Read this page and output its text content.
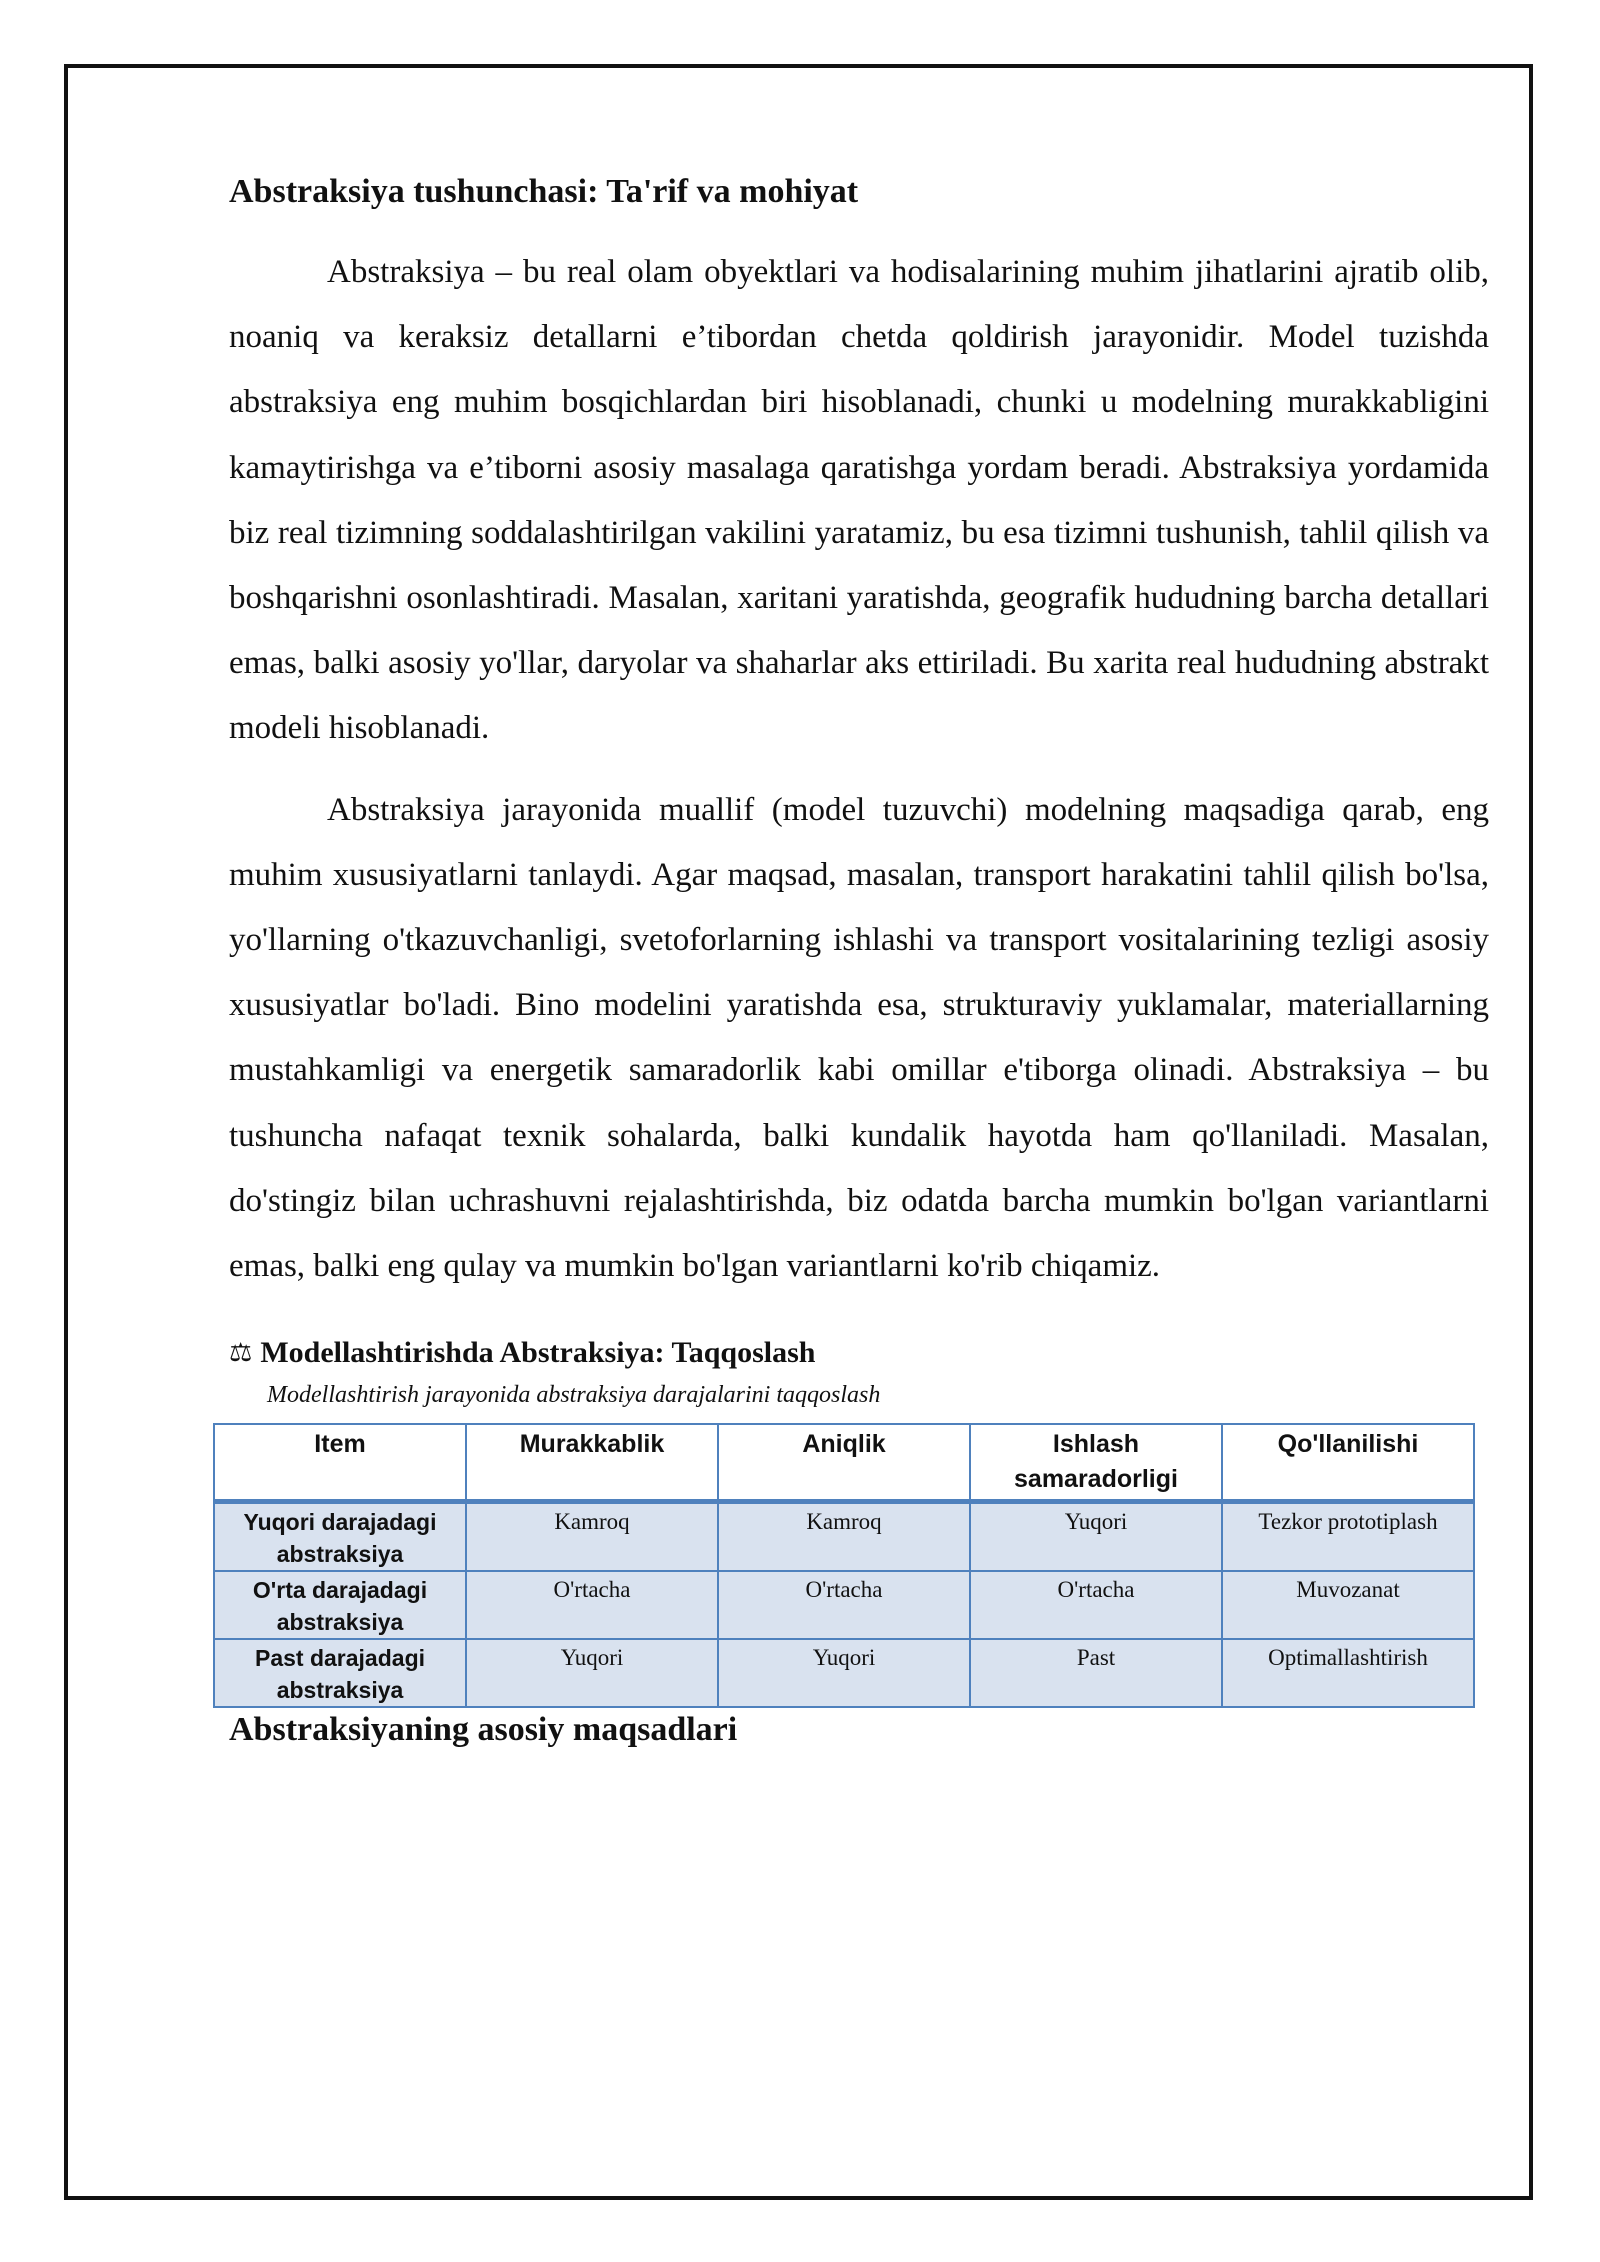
Abstraksiya tushunchasi: Ta'rif va mohiyat

Abstraksiya – bu real olam obyektlari va hodisalarining muhim jihatlarini ajratib olib, noaniq va keraksiz detallarni e’tibordan chetda qoldirish jarayonidir. Model tuzishda abstraksiya eng muhim bosqichlardan biri hisoblanadi, chunki u modelning murakkabligini kamaytirishga va e’tiborni asosiy masalaga qaratishga yordam beradi. Abstraksiya yordamida biz real tizimning soddalashtirilgan vakilini yaratamiz, bu esa tizimni tushunish, tahlil qilish va boshqarishni osonlashtiradi. Masalan, xaritani yaratishda, geografik hududning barcha detallari emas, balki asosiy yo'llar, daryolar va shaharlar aks ettiriladi. Bu xarita real hududning abstrakt modeli hisoblanadi.

Abstraksiya jarayonida muallif (model tuzuvchi) modelning maqsadiga qarab, eng muhim xususiyatlarni tanlaydi. Agar maqsad, masalan, transport harakatini tahlil qilish bo'lsa, yo'llarning o'tkazuvchanligi, svetoforlarning ishlashi va transport vositalarining tezligi asosiy xususiyatlar bo'ladi. Bino modelini yaratishda esa, strukturaviy yuklamalar, materiallarning mustahkamligi va energetik samaradorlik kabi omillar e'tiborga olinadi. Abstraksiya – bu tushuncha nafaqat texnik sohalarda, balki kundalik hayotda ham qo'llaniladi. Masalan, do'stingiz bilan uchrashuvni rejalashtirishda, biz odatda barcha mumkin bo'lgan variantlarni emas, balki eng qulay va mumkin bo'lgan variantlarni ko'rib chiqamiz.

⚖ Modellashtirishda Abstraksiya: Taqqoslash
Modellashtirish jarayonida abstraksiya darajalarini taqqoslash
Item	Murakkablik	Aniqlik	Ishlash samaradorligi	Qo'llanilishi
Yuqori darajadagi abstraksiya	Kamroq	Kamroq	Yuqori	Tezkor prototiplash
O'rta darajadagi abstraksiya	O'rtacha	O'rtacha	O'rtacha	Muvozanat
Past darajadagi abstraksiya	Yuqori	Yuqori	Past	Optimallashtirish
Abstraksiyaning asosiy maqsadlari
